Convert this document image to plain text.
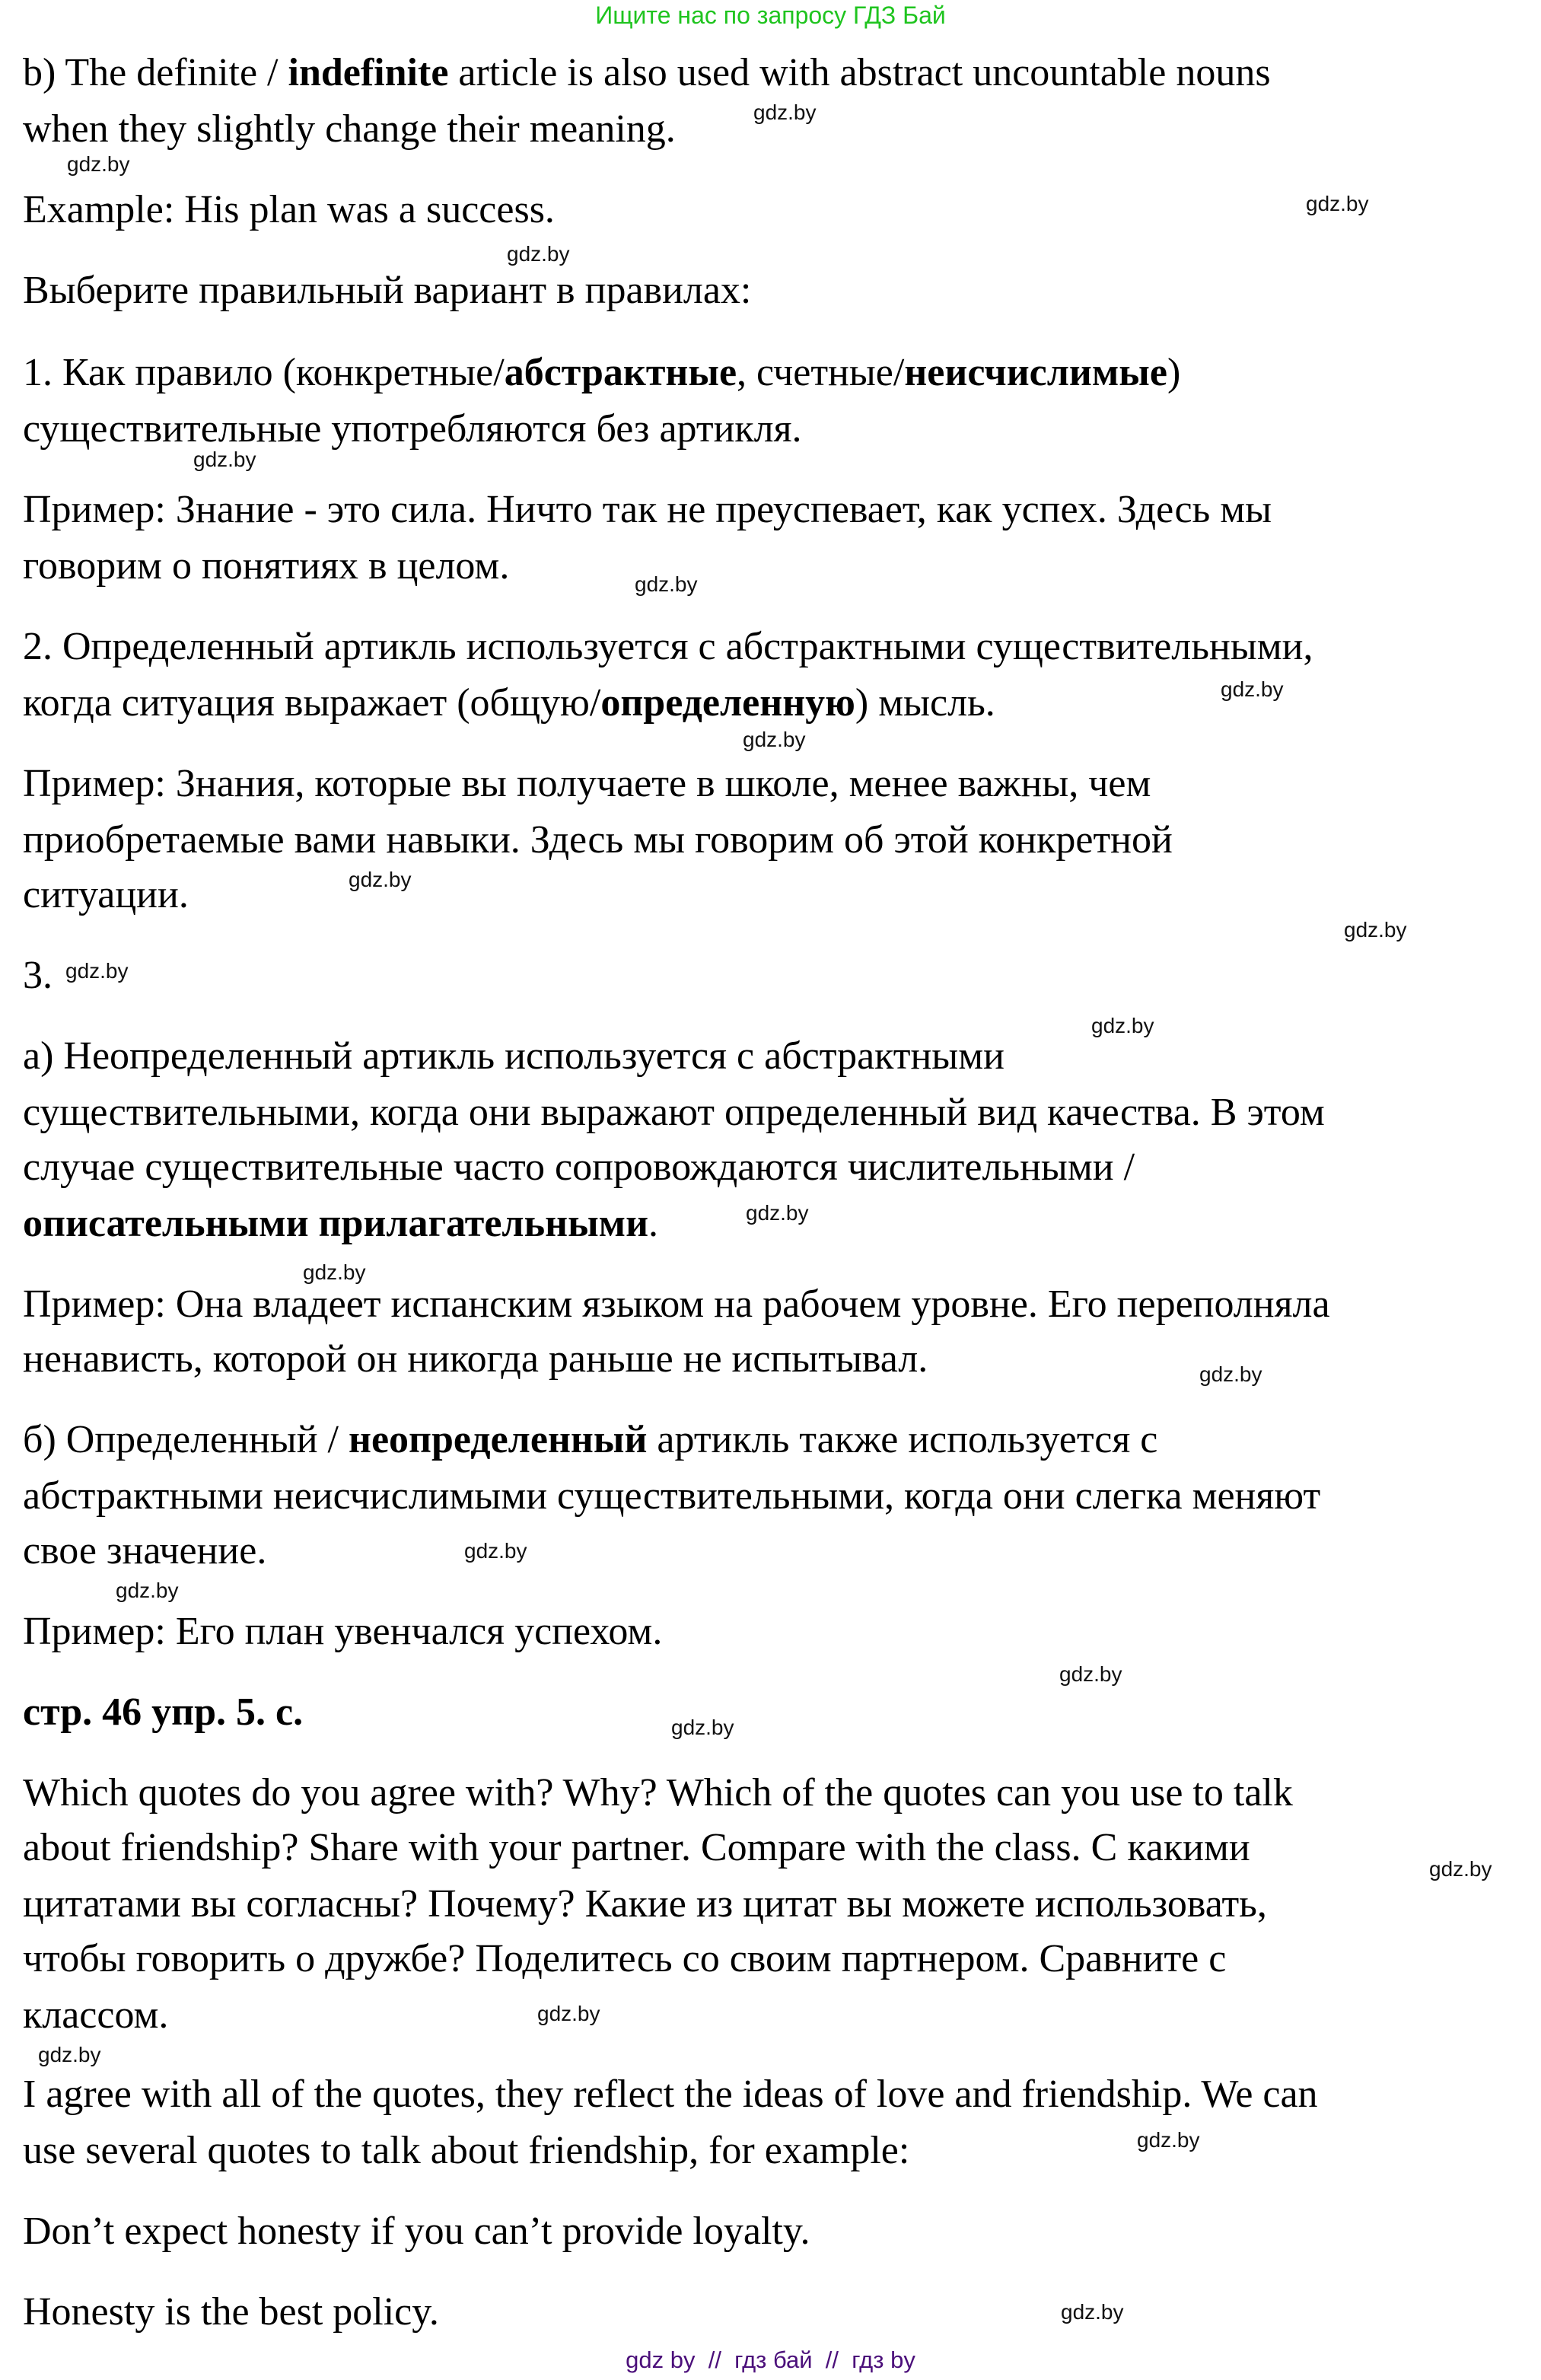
Ищите нас по запросу ГДЗ Бай
b) The definite / indefinite article is also used with abstract uncountable nouns
when they slightly change their meaning.
Example: His plan was a success.
Выберите правильный вариант в правилах:
1. Как правило (конкретные/абстрактные, счетные/неисчислимые)
существительные употребляются без артикля.
Пример: Знание - это сила. Ничто так не преуспевает, как успех. Здесь мы
говорим о понятиях в целом.
2. Определенный артикль используется с абстрактными существительными,
когда ситуация выражает (общую/определенную) мысль.
Пример: Знания, которые вы получаете в школе, менее важны, чем
приобретаемые вами навыки. Здесь мы говорим об этой конкретной
ситуации.
3.
а) Неопределенный артикль используется с абстрактными
существительными, когда они выражают определенный вид качества. В этом
случае существительные часто сопровождаются числительными /
описательными прилагательными.
Пример: Она владеет испанским языком на рабочем уровне. Его переполняла
ненависть, которой он никогда раньше не испытывал.
б) Определенный / неопределенный артикль также используется с
абстрактными неисчислимыми существительными, когда они слегка меняют
свое значение.
Пример: Его план увенчался успехом.
стр. 46 упр. 5. с.
Which quotes do you agree with? Why? Which of the quotes can you use to talk
about friendship? Share with your partner. Compare with the class. С какими
цитатами вы согласны? Почему? Какие из цитат вы можете использовать,
чтобы говорить о дружбе? Поделитесь со своим партнером. Сравните с
классом.
I agree with all of the quotes, they reflect the ideas of love and friendship. We can
use several quotes to talk about friendship, for example:
Don’t expect honesty if you can’t provide loyalty.
Honesty is the best policy.
gdz.by
gdz.by
gdz.by
gdz.by
gdz.by
gdz.by
gdz.by
gdz.by
gdz.by
gdz.by
gdz.by
gdz.by
gdz.by
gdz.by
gdz.by
gdz.by
gdz.by
gdz.by
gdz.by
gdz.by
gdz.by
gdz.by
gdz.by
gdz.by
gdz by  //  гдз бай  //  гдз by
